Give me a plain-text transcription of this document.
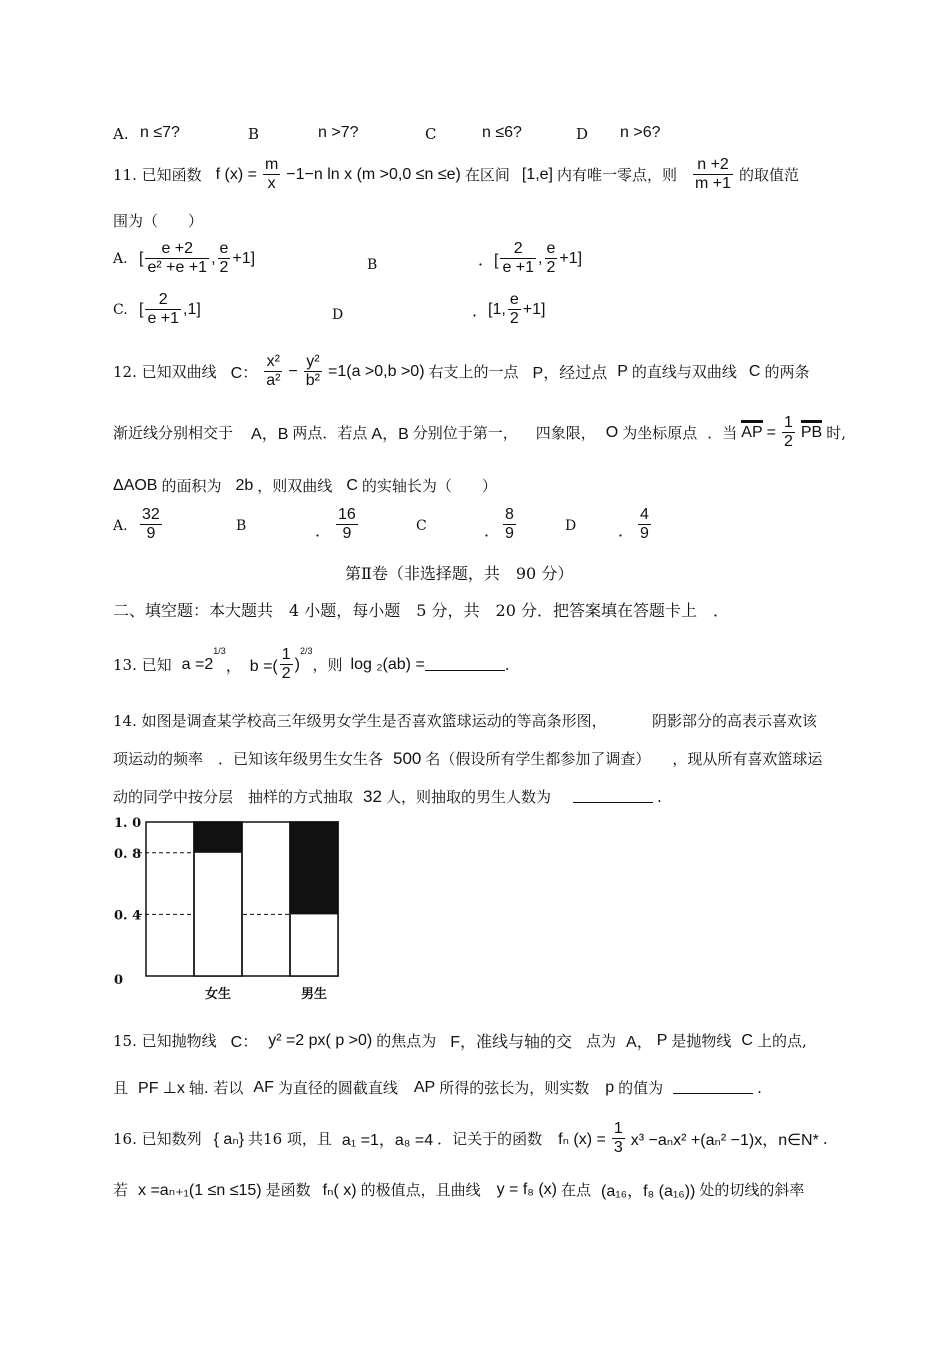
A. n ≤7?	B	n >7?	C	n ≤6?	D n >6?
11. 已知函数 f $(x) = \frac{m}{x} -1-n$ ln x (m >0,0 ≤n ≤e) 在区间 [1,e] 内有唯一零点，则 $\frac{n +2}{m +1}$ 的取值范
围为（　　）
A. [ $\frac{e +2}{\text{e² +e +1}}$ , $\frac{e}{2} +1$]	B	．[ $\frac{2}{e +1}$ , $\frac{e}{2} +1$]
C. [ $\frac{2}{e +1} ,1$]	D	． [1, $\frac{e}{2} +1$]
12. 已知双曲线 C： $\frac{\text{x²}}{\text{a²}} - \frac{\text{y²}}{\text{b²}} =1(a >0,b >0)$ 右支上的一点 P，经过点 P 的直线与双曲线 C 的两条
渐近线分别相交于 A，B 两点．若点 A，B 分别位于第一， 四象限， O 为坐标原点 ．当 AP = $\frac{1}{2}$ PB 时,
ΔAOB 的面积为 2b ，则双曲线 C 的实轴长为（　　）
A. $\frac{32}{9}$	B	． $\frac{16}{9}$	C	． $\frac{8}{9}$	D	． $\frac{4}{9}$
第Ⅱ卷（非选择题，共　90 分）
二、填空题：本大题共　4 小题，每小题　5 分，共　20 分．把答案填在答题卡上　．
13. 已知 a =2
1/3
，　b =( $\frac{1}{2}$ )
2/3
，则 log ₂(ab) =	.
14. 如图是调查某学校高三年级男女学生是否喜欢篮球运动的等高条形图，	阴影部分的高表示喜欢该
项运动的频率　．已知该年级男生女生各 500 名（假设所有学生都参加了调查） ，现从所有喜欢篮球运
动的同学中按分层　抽样的方式抽取 32 人，则抽取的男生人数为	.
女生	男生
1. 0
0. 8
0. 4
0
15. 已知抛物线 C： y² =2 px( p >0) 的焦点为 F，准线与轴的交 点为 A， P 是抛物线 C 上的点,
且 PF ⊥x 轴. 若以 AF 为直径的圆截直线 AP 所得的弦长为，则实数 p 的值为	.
16. 已知数列 { aₙ} 共16 项，且 a₁ =1，a₈ =4 ．记关于的函数 fₙ $(x) = \frac{1}{3} x^3 -a_nx^2 +(a_n^2 -1)x$，n∈N* .
若 x =aₙ₊₁(1 ≤n ≤15) 是函数 fₙ( x) 的极值点，且曲线 y = f₈ (x) 在点 (a₁₆，f₈ (a₁₆)) 处的切线的斜率
